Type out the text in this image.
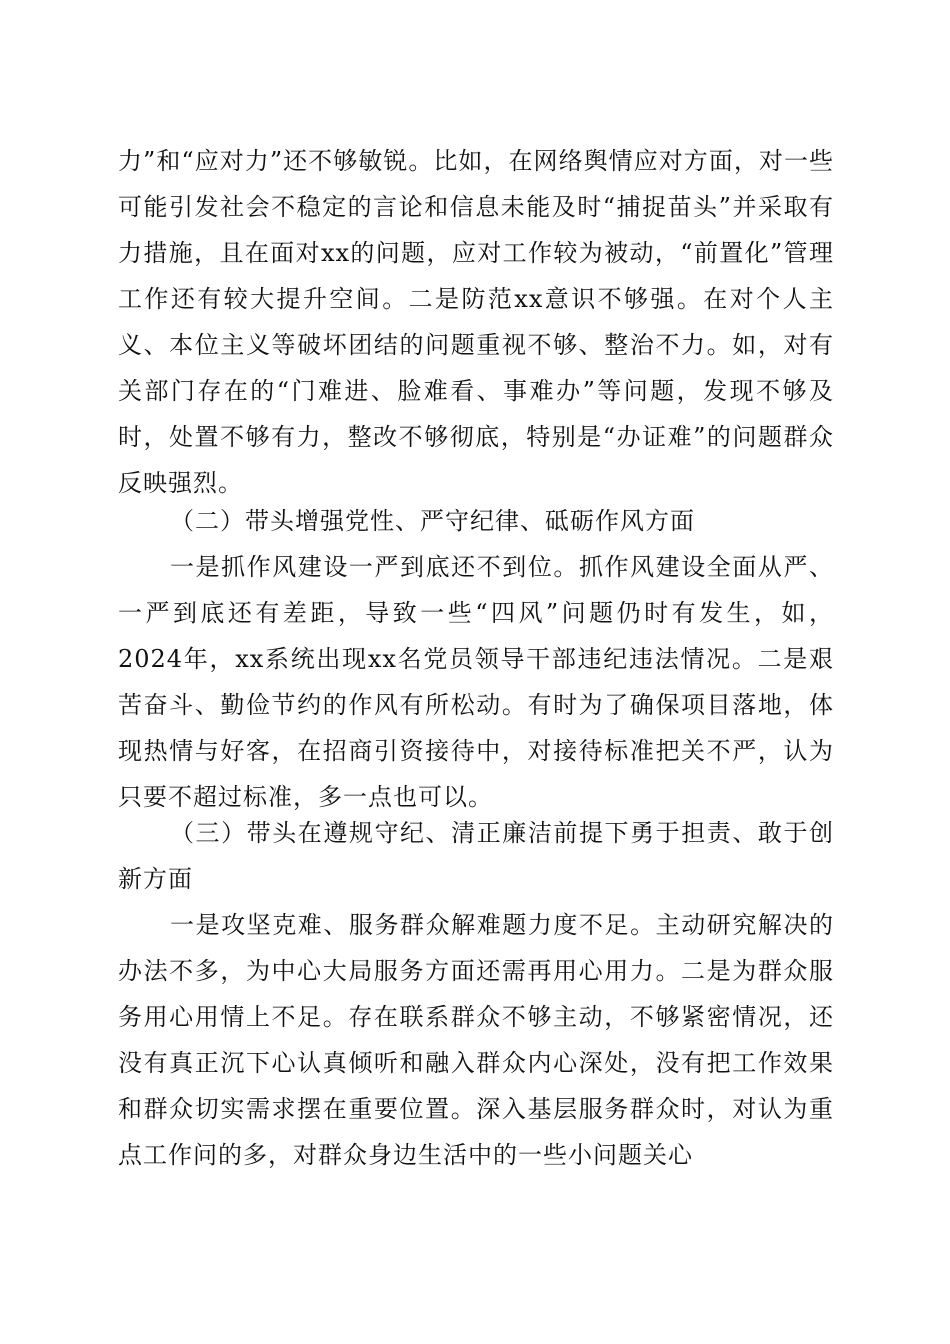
力”和“应对力”还不够敏锐。比如，在网络舆情应对方面，对一些可能引发社会不稳定的言论和信息未能及时“捕捉苗头”并采取有力措施，且在面对xx的问题，应对工作较为被动，“前置化”管理工作还有较大提升空间。二是防范xx意识不够强。在对个人主义、本位主义等破坏团结的问题重视不够、整治不力。如，对有关部门存在的“门难进、脸难看、事难办”等问题，发现不够及时，处置不够有力，整改不够彻底，特别是“办证难”的问题群众反映强烈。

（二）带头增强党性、严守纪律、砥砺作风方面

一是抓作风建设一严到底还不到位。抓作风建设全面从严、一严到底还有差距，导致一些“四风”问题仍时有发生，如，2024年，xx系统出现xx名党员领导干部违纪违法情况。二是艰苦奋斗、勤俭节约的作风有所松动。有时为了确保项目落地，体现热情与好客，在招商引资接待中，对接待标准把关不严，认为只要不超过标准，多一点也可以。

（三）带头在遵规守纪、清正廉洁前提下勇于担责、敢于创新方面

一是攻坚克难、服务群众解难题力度不足。主动研究解决的办法不多，为中心大局服务方面还需再用心用力。二是为群众服务用心用情上不足。存在联系群众不够主动，不够紧密情况，还没有真正沉下心认真倾听和融入群众内心深处，没有把工作效果和群众切实需求摆在重要位置。深入基层服务群众时，对认为重点工作问的多，对群众身边生活中的一些小问题关心
